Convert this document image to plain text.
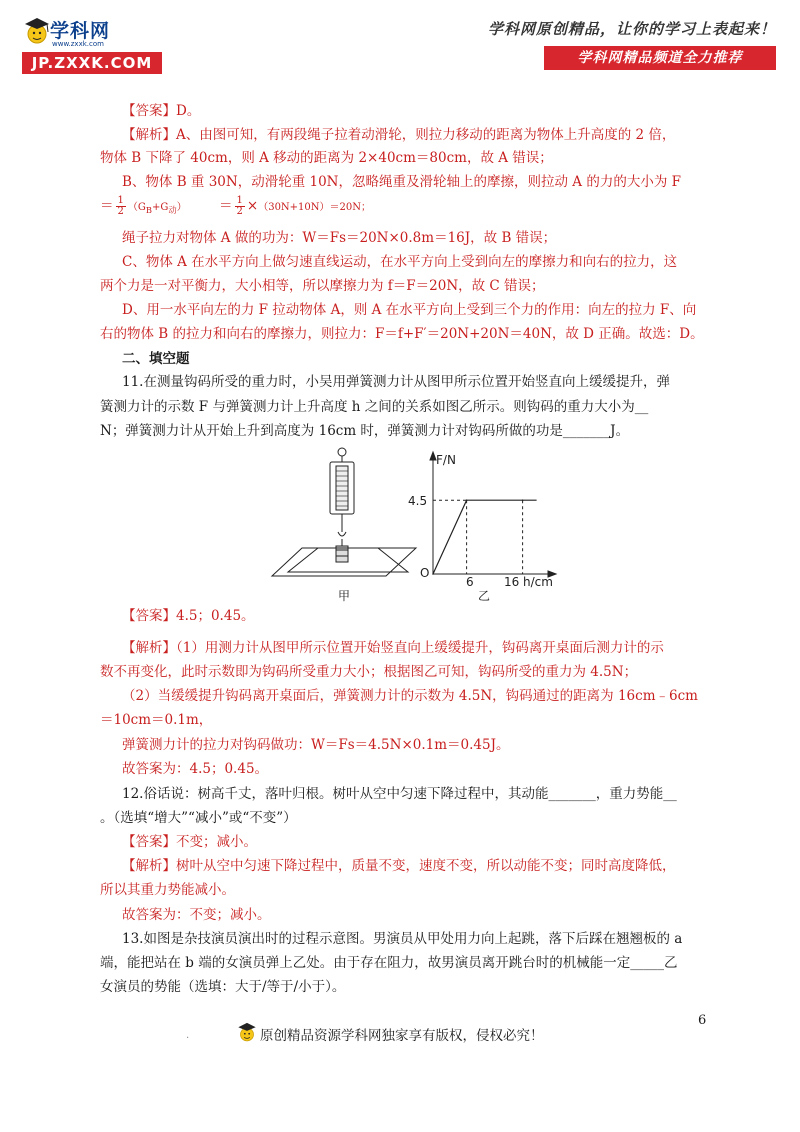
学科网
www.zxxk.com
JP.ZXXK.COM
学科网原创精品，让你的学习上表起来！
学科网精品频道全力推荐
【答案】D。
【解析】A、由图可知，有两段绳子拉着动滑轮，则拉力移动的距离为物体上升高度的 2 倍，
物体 B 下降了 40cm，则 A 移动的距离为 2×40cm＝80cm，故 A 错误；
B、物体 B 重 30N，动滑轮重 10N，忽略绳重及滑轮轴上的摩擦，则拉动 A 的力的大小为 F
＝ $\frac{1}{2} (G_B+G_动) = \frac{1}{2} \times(30N+10N)=20N$；
绳子拉力对物体 A 做的功为：W＝Fs＝20N×0.8m＝16J，故 B 错误；
C、物体 A 在水平方向上做匀速直线运动，在水平方向上受到向左的摩擦力和向右的拉力，这
两个力是一对平衡力，大小相等，所以摩擦力为 f＝F＝20N，故 C 错误；
D、用一水平向左的力 F 拉动物体 A，则 A 在水平方向上受到三个力的作用：向左的拉力 F、向
右的物体 B 的拉力和向右的摩擦力，则拉力：F＝f+F′＝20N+20N＝40N，故 D 正确。故选：D。
二、填空题
11.在测量钩码所受的重力时，小吴用弹簧测力计从图甲所示位置开始竖直向上缓缓提升，弹
簧测力计的示数 F 与弹簧测力计上升高度 h 之间的关系如图乙所示。则钩码的重力大小为__
N；弹簧测力计从开始上升到高度为 16cm 时，弹簧测力计对钩码所做的功是_______J。
甲
F/N
4.5
O
6	16 h/cm
乙
【答案】4.5；0.45。
【解析】（1）用测力计从图甲所示位置开始竖直向上缓缓提升，钩码离开桌面后测力计的示
数不再变化，此时示数即为钩码所受重力大小；根据图乙可知，钩码所受的重力为 4.5N；
（2）当缓缓提升钩码离开桌面后，弹簧测力计的示数为 4.5N，钩码通过的距离为 16cm﹣6cm
＝10cm＝0.1m，
弹簧测力计的拉力对钩码做功：W＝Fs＝4.5N×0.1m＝0.45J。
故答案为：4.5；0.45。
12.俗话说：树高千丈，落叶归根。树叶从空中匀速下降过程中，其动能_______，重力势能__
。（选填“增大”“减小”或“不变”）
【答案】不变；减小。
【解析】树叶从空中匀速下降过程中，质量不变，速度不变，所以动能不变；同时高度降低，
所以其重力势能减小。
故答案为：不变；减小。
13.如图是杂技演员演出时的过程示意图。男演员从甲处用力向上起跳，落下后踩在翘翘板的 a
端，能把站在 b 端的女演员弹上乙处。由于存在阻力，故男演员离开跳台时的机械能一定_____乙
女演员的势能（选填：大于/等于/小于）。
6
.	原创精品资源学科网独家享有版权，侵权必究！
